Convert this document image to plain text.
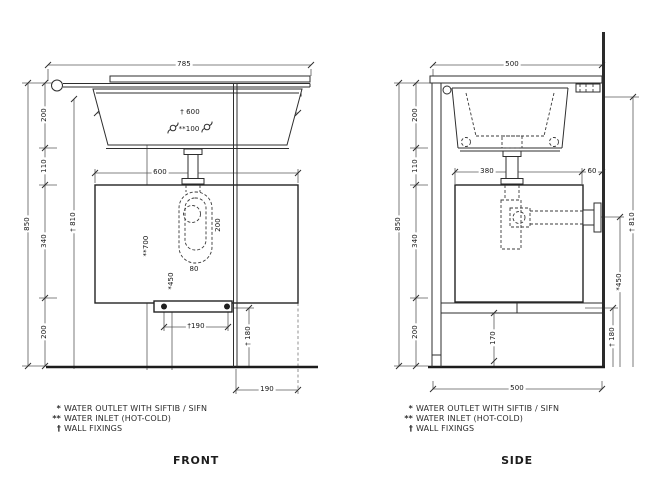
785
200
110
340
200
850	† 810
† 600
**100
600
**700
200
80
*450
†190
† 180
190
500
200
110
340
200
850
380	60
† 810
*450
170	† 180
500
* WATER OUTLET WITH SIFTIB / SIFN
** WATER INLET (HOT-COLD)
† WALL FIXINGS
* WATER OUTLET WITH SIFTIB / SIFN
** WATER INLET (HOT-COLD)
† WALL FIXINGS
FRONT	SIDE
